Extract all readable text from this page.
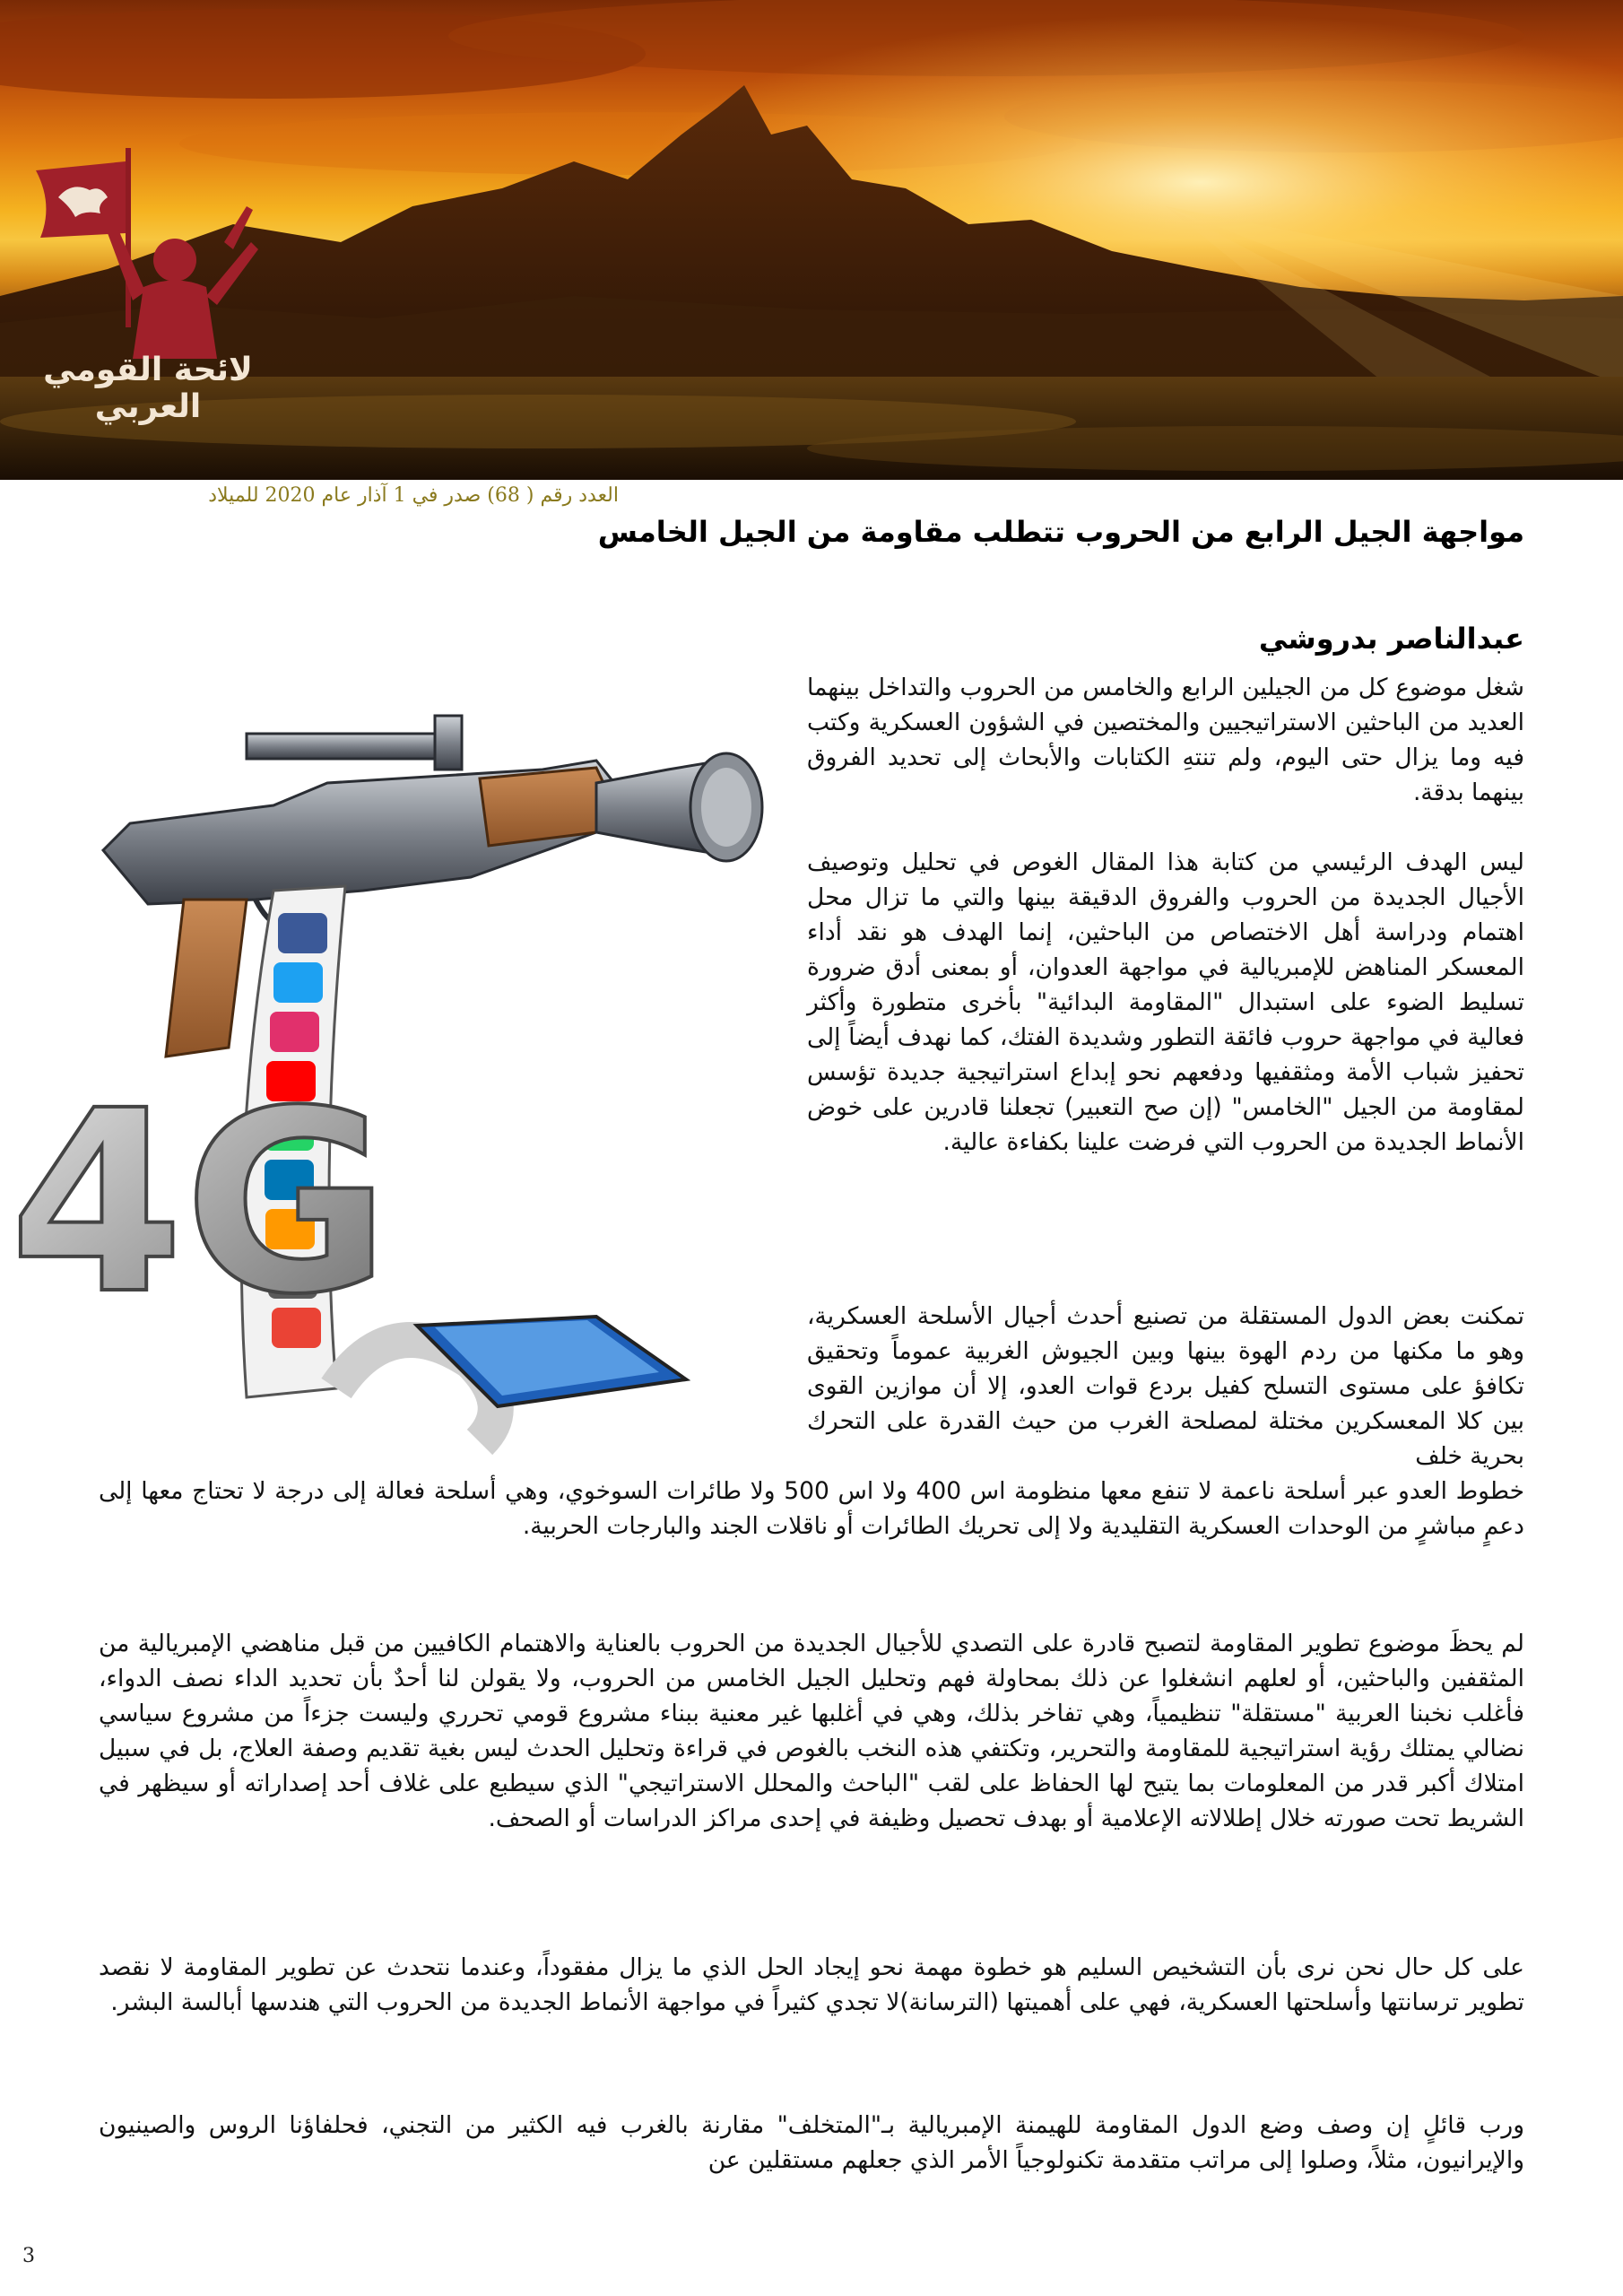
لائحة القومي العربي
العدد رقم ( 68) صدر في 1 آذار عام 2020 للميلاد
مواجهة الجيل الرابع من الحروب تتطلب مقاومة من الجيل الخامس
عبدالناصر بدروشي
4G

شغل موضوع كل من الجيلين الرابع والخامس من الحروب والتداخل بينهما العديد من الباحثين الاستراتيجيين والمختصين في الشؤون العسكرية وكتب فيه وما يزال حتى اليوم، ولم تنتهِ الكتابات والأبحاث إلى تحديد الفروق بينهما بدقة.

ليس الهدف الرئيسي من كتابة هذا المقال الغوص في تحليل وتوصيف الأجيال الجديدة من الحروب والفروق الدقيقة بينها والتي ما تزال محل اهتمام ودراسة أهل الاختصاص من الباحثين، إنما الهدف هو نقد أداء المعسكر المناهض للإمبريالية في مواجهة العدوان، أو بمعنى أدق ضرورة تسليط الضوء على استبدال "المقاومة البدائية" بأخرى متطورة وأكثر فعالية في مواجهة حروب فائقة التطور وشديدة الفتك، كما نهدف أيضاً إلى تحفيز شباب الأمة ومثقفيها ودفعهم نحو إبداع استراتيجية جديدة تؤسس لمقاومة من الجيل "الخامس" (إن صح التعبير) تجعلنا قادرين على خوض الأنماط الجديدة من الحروب التي فرضت علينا بكفاءة عالية.

تمكنت بعض الدول المستقلة من تصنيع أحدث أجيال الأسلحة العسكرية، وهو ما مكنها من ردم الهوة بينها وبين الجيوش الغربية عموماً وتحقيق تكافؤ على مستوى التسلح كفيل بردع قوات العدو، إلا أن موازين القوى بين كلا المعسكرين مختلة لمصلحة الغرب من حيث القدرة على التحرك بحرية خلف

خطوط العدو عبر أسلحة ناعمة لا تنفع معها منظومة اس 400 ولا اس 500 ولا طائرات السوخوي، وهي أسلحة فعالة إلى درجة لا تحتاج معها إلى دعمٍ مباشرٍ من الوحدات العسكرية التقليدية ولا إلى تحريك الطائرات أو ناقلات الجند والبارجات الحربية.

لم يحظَ موضوع تطوير المقاومة لتصبح قادرة على التصدي للأجيال الجديدة من الحروب بالعناية والاهتمام الكافيين من قبل مناهضي الإمبريالية من المثقفين والباحثين، أو لعلهم انشغلوا عن ذلك بمحاولة فهم وتحليل الجيل الخامس من الحروب، ولا يقولن لنا أحدٌ بأن تحديد الداء نصف الدواء، فأغلب نخبنا العربية "مستقلة" تنظيمياً، وهي تفاخر بذلك، وهي في أغلبها غير معنية ببناء مشروع قومي تحرري وليست جزءاً من مشروع سياسي نضالي يمتلك رؤية استراتيجية للمقاومة والتحرير، وتكتفي هذه النخب بالغوص في قراءة وتحليل الحدث ليس بغية تقديم وصفة العلاج، بل في سبيل امتلاك أكبر قدر من المعلومات بما يتيح لها الحفاظ على لقب "الباحث والمحلل الاستراتيجي" الذي سيطبع على غلاف أحد إصداراته أو سيظهر في الشريط تحت صورته خلال إطلالاته الإعلامية أو بهدف تحصيل وظيفة في إحدى مراكز الدراسات أو الصحف.

على كل حال نحن نرى بأن التشخيص السليم هو خطوة مهمة نحو إيجاد الحل الذي ما يزال مفقوداً، وعندما نتحدث عن تطوير المقاومة لا نقصد تطوير ترسانتها وأسلحتها العسكرية، فهي على أهميتها (الترسانة)لا تجدي كثيراً في مواجهة الأنماط الجديدة من الحروب التي هندسها أبالسة البشر.

ورب قائلٍ إن وصف وضع الدول المقاومة للهيمنة الإمبريالية بـ"المتخلف" مقارنة بالغرب فيه الكثير من التجني، فحلفاؤنا الروس والصينيون والإيرانيون، مثلاً، وصلوا إلى مراتب متقدمة تكنولوجياً الأمر الذي جعلهم مستقلين عن

3
